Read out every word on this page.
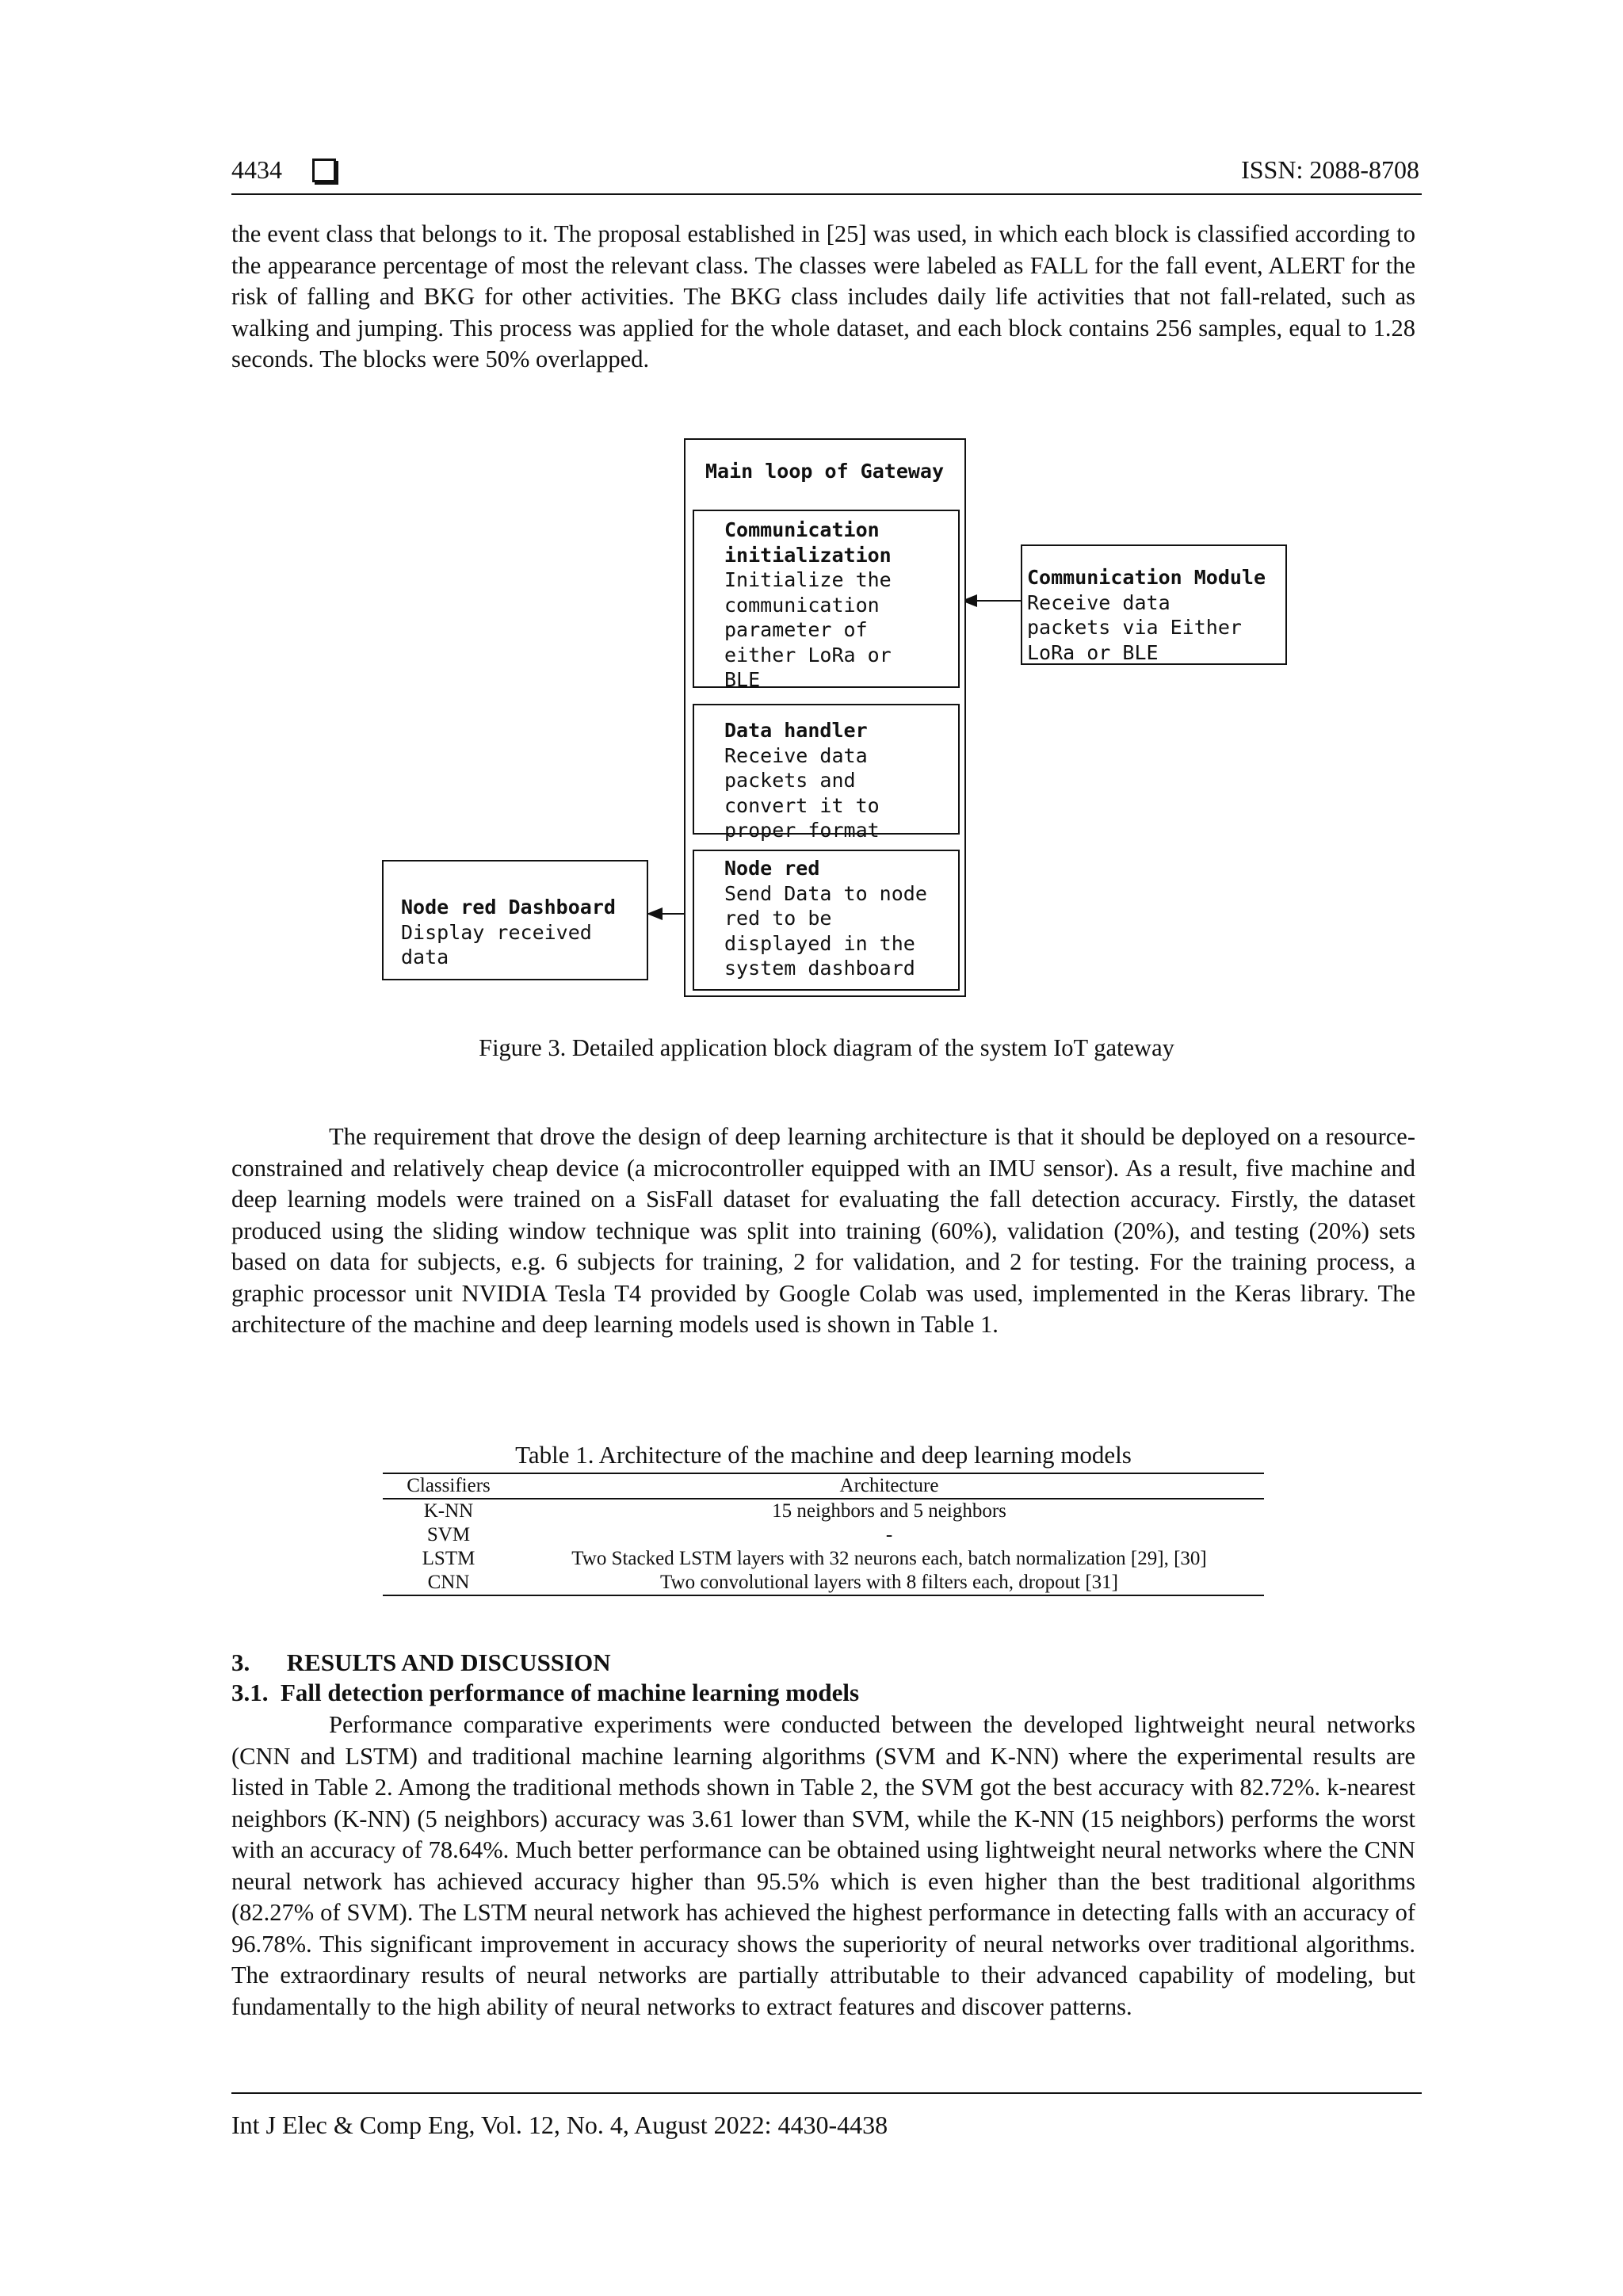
4434	ISSN: 2088-8708
the event class that belongs to it. The proposal established in [25] was used, in which each block is classified according to the appearance percentage of most the relevant class. The classes were labeled as FALL for the fall event, ALERT for the risk of falling and BKG for other activities. The BKG class includes daily life activities that not fall-related, such as walking and jumping. This process was applied for the whole dataset, and each block contains 256 samples, equal to 1.28 seconds. The blocks were 50% overlapped.
Main loop of Gateway
Communication initialization
Initialize the communication parameter of either LoRa or BLE
Data handler
Receive data packets and convert it to proper format
Node red
Send Data to node red to be displayed in the system dashboard
Communication Module
Receive data packets via Either LoRa or BLE
Node red Dashboard
Display received data
Figure 3. Detailed application block diagram of the system IoT gateway
The requirement that drove the design of deep learning architecture is that it should be deployed on a resource-constrained and relatively cheap device (a microcontroller equipped with an IMU sensor). As a result, five machine and deep learning models were trained on a SisFall dataset for evaluating the fall detection accuracy. Firstly, the dataset produced using the sliding window technique was split into training (60%), validation (20%), and testing (20%) sets based on data for subjects, e.g. 6 subjects for training, 2 for validation, and 2 for testing. For the training process, a graphic processor unit NVIDIA Tesla T4 provided by Google Colab was used, implemented in the Keras library. The architecture of the machine and deep learning models used is shown in Table 1.
Table 1. Architecture of the machine and deep learning models
Classifiers	Architecture
K-NN	15 neighbors and 5 neighbors
SVM	-
LSTM	Two Stacked LSTM layers with 32 neurons each, batch normalization [29], [30]
CNN	Two convolutional layers with 8 filters each, dropout [31]
3.      RESULTS AND DISCUSSION
3.1.  Fall detection performance of machine learning models
Performance comparative experiments were conducted between the developed lightweight neural networks (CNN and LSTM) and traditional machine learning algorithms (SVM and K-NN) where the experimental results are listed in Table 2. Among the traditional methods shown in Table 2, the SVM got the best accuracy with 82.72%. k-nearest neighbors (K-NN) (5 neighbors) accuracy was 3.61 lower than SVM, while the K-NN (15 neighbors) performs the worst with an accuracy of 78.64%. Much better performance can be obtained using lightweight neural networks where the CNN neural network has achieved accuracy higher than 95.5% which is even higher than the best traditional algorithms (82.27% of SVM). The LSTM neural network has achieved the highest performance in detecting falls with an accuracy of 96.78%. This significant improvement in accuracy shows the superiority of neural networks over traditional algorithms. The extraordinary results of neural networks are partially attributable to their advanced capability of modeling, but fundamentally to the high ability of neural networks to extract features and discover patterns.
Int J Elec & Comp Eng, Vol. 12, No. 4, August 2022: 4430-4438
